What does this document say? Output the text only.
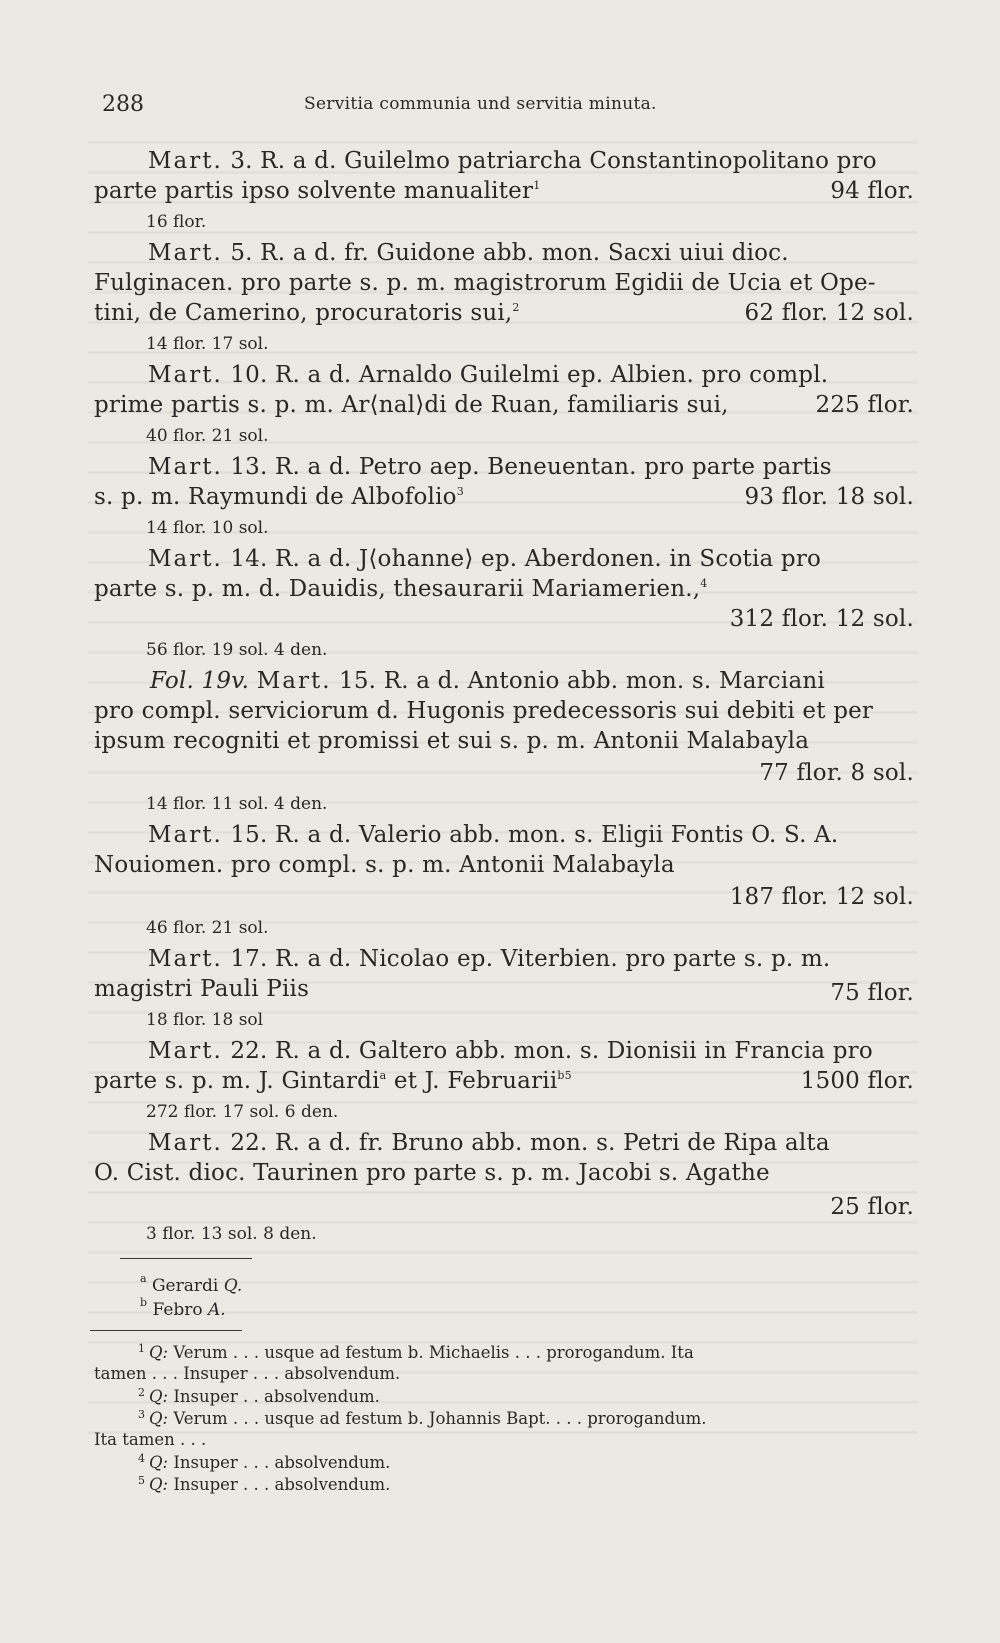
288	Servitia communia und servitia minuta.
Mart. 3. R. a d. Guilelmo patriarcha Constantinopolitano pro
parte partis ipso solvente manualiter$^1$	94 flor.
16 flor.
Mart. 5. R. a d. fr. Guidone abb. mon. Sacxi uiui dioc.
Fulginacen. pro parte s. p. m. magistrorum Egidii de Ucia et Ope-
tini, de Camerino, procuratoris sui,$^2$	62 flor. 12 sol.
14 flor. 17 sol.
Mart. 10. R. a d. Arnaldo Guilelmi ep. Albien. pro compl.
prime partis s. p. m. Ar⟨nal⟩di de Ruan, familiaris sui,	225 flor.
40 flor. 21 sol.
Mart. 13. R. a d. Petro aep. Beneuentan. pro parte partis
s. p. m. Raymundi de Albofolio$^3$	93 flor. 18 sol.
14 flor. 10 sol.
Mart. 14. R. a d. J⟨ohanne⟩ ep. Aberdonen. in Scotia pro
parte s. p. m. d. Dauidis, thesaurarii Mariamerien.,$^4$
312 flor. 12 sol.
56 flor. 19 sol. 4 den.
Fol. 19v. Mart. 15. R. a d. Antonio abb. mon. s. Marciani
pro compl. serviciorum d. Hugonis predecessoris sui debiti et per
ipsum recogniti et promissi et sui s. p. m. Antonii Malabayla
77 flor. 8 sol.
14 flor. 11 sol. 4 den.
Mart. 15. R. a d. Valerio abb. mon. s. Eligii Fontis O. S. A.
Nouiomen. pro compl. s. p. m. Antonii Malabayla
187 flor. 12 sol.
46 flor. 21 sol.
Mart. 17. R. a d. Nicolao ep. Viterbien. pro parte s. p. m.
magistri Pauli Piis	75 flor.
18 flor. 18 sol
Mart. 22. R. a d. Galtero abb. mon. s. Dionisii in Francia pro
parte s. p. m. J. Gintardi$^a$ et J. Februarii$^{b5}$	1500 flor.
272 flor. 17 sol. 6 den.
Mart. 22. R. a d. fr. Bruno abb. mon. s. Petri de Ripa alta
O. Cist. dioc. Taurinen pro parte s. p. m. Jacobi s. Agathe
25 flor.
3 flor. 13 sol. 8 den.
$^a$ Gerardi Q.
$^b$ Febro A.
$^1$ Q: Verum . . . usque ad festum b. Michaelis . . . prorogandum. Ita
tamen . . . Insuper . . . absolvendum.
$^2$ Q: Insuper . . absolvendum.
$^3$ Q: Verum . . . usque ad festum b. Johannis Bapt. . . . prorogandum.
Ita tamen . . .
$^4$ Q: Insuper . . . absolvendum.
$^5$ Q: Insuper . . . absolvendum.
